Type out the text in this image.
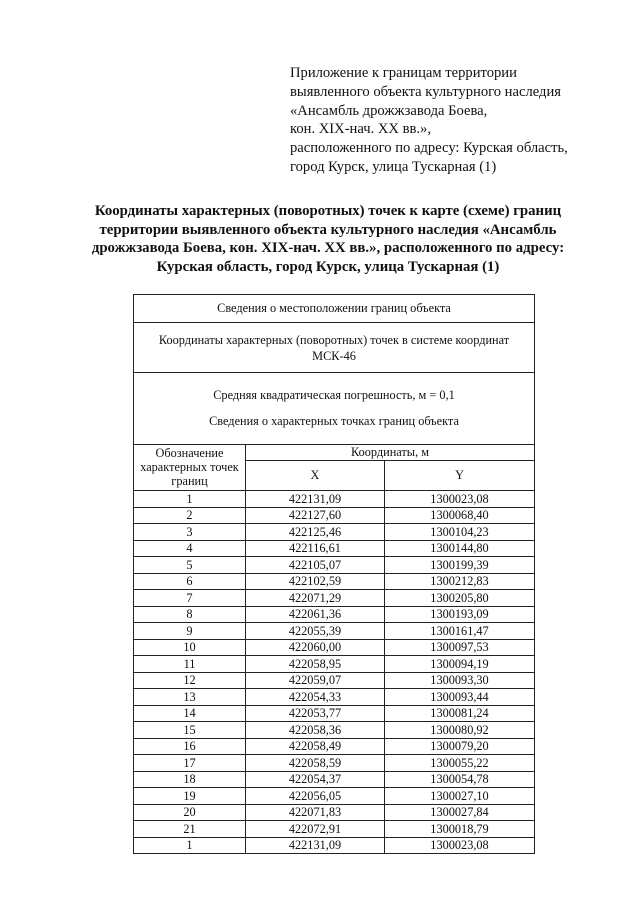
Приложение к границам территории
выявленного объекта культурного наследия
«Ансамбль дрожжзавода Боева,
кон. XIX-нач. XX вв.»,
расположенного по адресу: Курская область,
город Курск, улица Тускарная (1)
Координаты характерных (поворотных) точек к карте (схеме) границ
территории выявленного объекта культурного наследия «Ансамбль
дрожжзавода Боева, кон. XIX-нач. XX вв.», расположенного по адресу:
Курская область, город Курск, улица Тускарная (1)
Сведения о местоположении границ объекта		
Координаты характерных (поворотных) точек в системе координат МСК-46		

Средняя квадратическая погрешность, м = 0,1

Сведения о характерных точках границ объекта		

Обозначение характерных точек границ	Координаты, м	
	X	Y
1	422131,09	1300023,08
2	422127,60	1300068,40
3	422125,46	1300104,23
4	422116,61	1300144,80
5	422105,07	1300199,39
6	422102,59	1300212,83
7	422071,29	1300205,80
8	422061,36	1300193,09
9	422055,39	1300161,47
10	422060,00	1300097,53
11	422058,95	1300094,19
12	422059,07	1300093,30
13	422054,33	1300093,44
14	422053,77	1300081,24
15	422058,36	1300080,92
16	422058,49	1300079,20
17	422058,59	1300055,22
18	422054,37	1300054,78
19	422056,05	1300027,10
20	422071,83	1300027,84
21	422072,91	1300018,79
1	422131,09	1300023,08
